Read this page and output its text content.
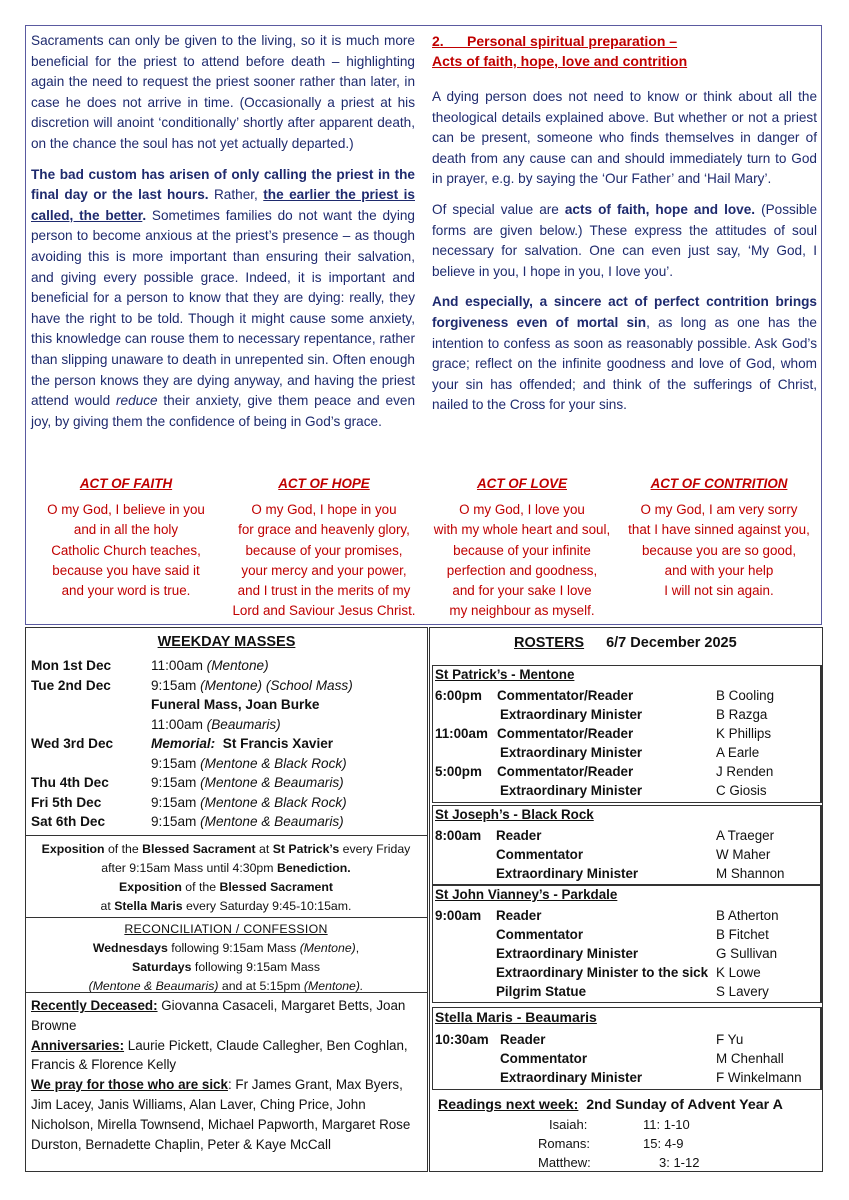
Sacraments can only be given to the living, so it is much more beneficial for the priest to attend before death – highlighting again the need to request the priest sooner rather than later, in case he does not arrive in time. (Occasionally a priest at his discretion will anoint ‘conditionally’ shortly after apparent death, on the chance the soul has not yet actually departed.)

The bad custom has arisen of only calling the priest in the final day or the last hours. Rather, the earlier the priest is called, the better. Sometimes families do not want the dying person to become anxious at the priest’s presence – as though avoiding this is more important than ensuring their salvation, and giving every possible grace. Indeed, it is important and beneficial for a person to know that they are dying: really, they have the right to be told. Though it might cause some anxiety, this knowledge can rouse them to necessary repentance, rather than slipping unaware to death in unrepented sin. Often enough the person knows they are dying anyway, and having the priest attend would reduce their anxiety, give them peace and even joy, by giving them the confidence of being in God’s grace.

2.      Personal spiritual preparation –

Acts of faith, hope, love and contrition

A dying person does not need to know or think about all the theological details explained above. But whether or not a priest can be present, someone who finds themselves in danger of death from any cause can and should immediately turn to God in prayer, e.g. by saying the ‘Our Father’ and ‘Hail Mary’.

Of special value are acts of faith, hope and love. (Possible forms are given below.) These express the attitudes of soul necessary for salvation. One can even just say, ‘My God, I believe in you, I hope in you, I love you’.

And especially, a sincere act of perfect contrition brings forgiveness even of mortal sin, as long as one has the intention to confess as soon as reasonably possible. Ask God’s grace; reflect on the infinite goodness and love of God, whom your sin has offended; and think of the sufferings of Christ, nailed to the Cross for your sins.

ACT OF FAITH
O my God, I believe in you
and in all the holy
Catholic Church teaches,
because you have said it
and your word is true.
ACT OF HOPE
O my God, I hope in you
for grace and heavenly glory,
because of your promises,
your mercy and your power,
and I trust in the merits of my
Lord and Saviour Jesus Christ.
ACT OF LOVE
O my God, I love you
with my whole heart and soul,
because of your infinite
perfection and goodness,
and for your sake I love
my neighbour as myself.
ACT OF CONTRITION
O my God, I am very sorry
that I have sinned against you,
because you are so good,
and with your help
I will not sin again.
WEEKDAY MASSES
Mon 1st Dec	11:00am (Mentone)
Tue 2nd Dec	9:15am (Mentone) (School Mass)
Funeral Mass, Joan Burke
11:00am (Beaumaris)
Wed 3rd Dec	Memorial:  St Francis Xavier
9:15am (Mentone & Black Rock)
Thu 4th Dec	9:15am (Mentone & Beaumaris)
Fri 5th Dec	9:15am (Mentone & Black Rock)
Sat 6th Dec	9:15am (Mentone & Beaumaris)
Exposition of the Blessed Sacrament at St Patrick’s every Friday
after 9:15am Mass until 4:30pm Benediction.
Exposition of the Blessed Sacrament
at Stella Maris every Saturday 9:45-10:15am.
RECONCILIATION / CONFESSION
Wednesdays following 9:15am Mass (Mentone),
Saturdays following 9:15am Mass
(Mentone & Beaumaris) and at 5:15pm (Mentone).
Recently Deceased: Giovanna Casaceli, Margaret Betts, Joan Browne
Anniversaries: Laurie Pickett, Claude Callegher, Ben Coghlan, Francis & Florence Kelly
We pray for those who are sick: Fr James Grant, Max Byers, Jim Lacey, Janis Williams, Alan Laver, Ching Price, John Nicholson, Mirella Townsend, Michael Papworth, Margaret Rose Durston, Bernadette Chaplin, Peter & Kaye McCall
ROSTERS 6/7 December 2025
St Patrick’s - Mentone
6:00pm Commentator/Reader	B Cooling
Extraordinary Minister	B Razga
11:00am Commentator/Reader	K Phillips
Extraordinary Minister	A Earle
5:00pm Commentator/Reader	J Renden
Extraordinary Minister	C Giosis
St Joseph’s - Black Rock
8:00am Reader	A Traeger
Commentator	W Maher
Extraordinary Minister	M Shannon
St John Vianney’s - Parkdale
9:00am Reader	B Atherton
Commentator	B Fitchet
Extraordinary Minister	G Sullivan
Extraordinary Minister to the sick K Lowe
Pilgrim Statue	S Lavery
Stella Maris - Beaumaris
10:30am Reader	F Yu
Commentator	M Chenhall
Extraordinary Minister	F Winkelmann
Readings next week:  2nd Sunday of Advent Year A
Isaiah:	11: 1-10
Romans:	15: 4-9
Matthew:	3: 1-12
